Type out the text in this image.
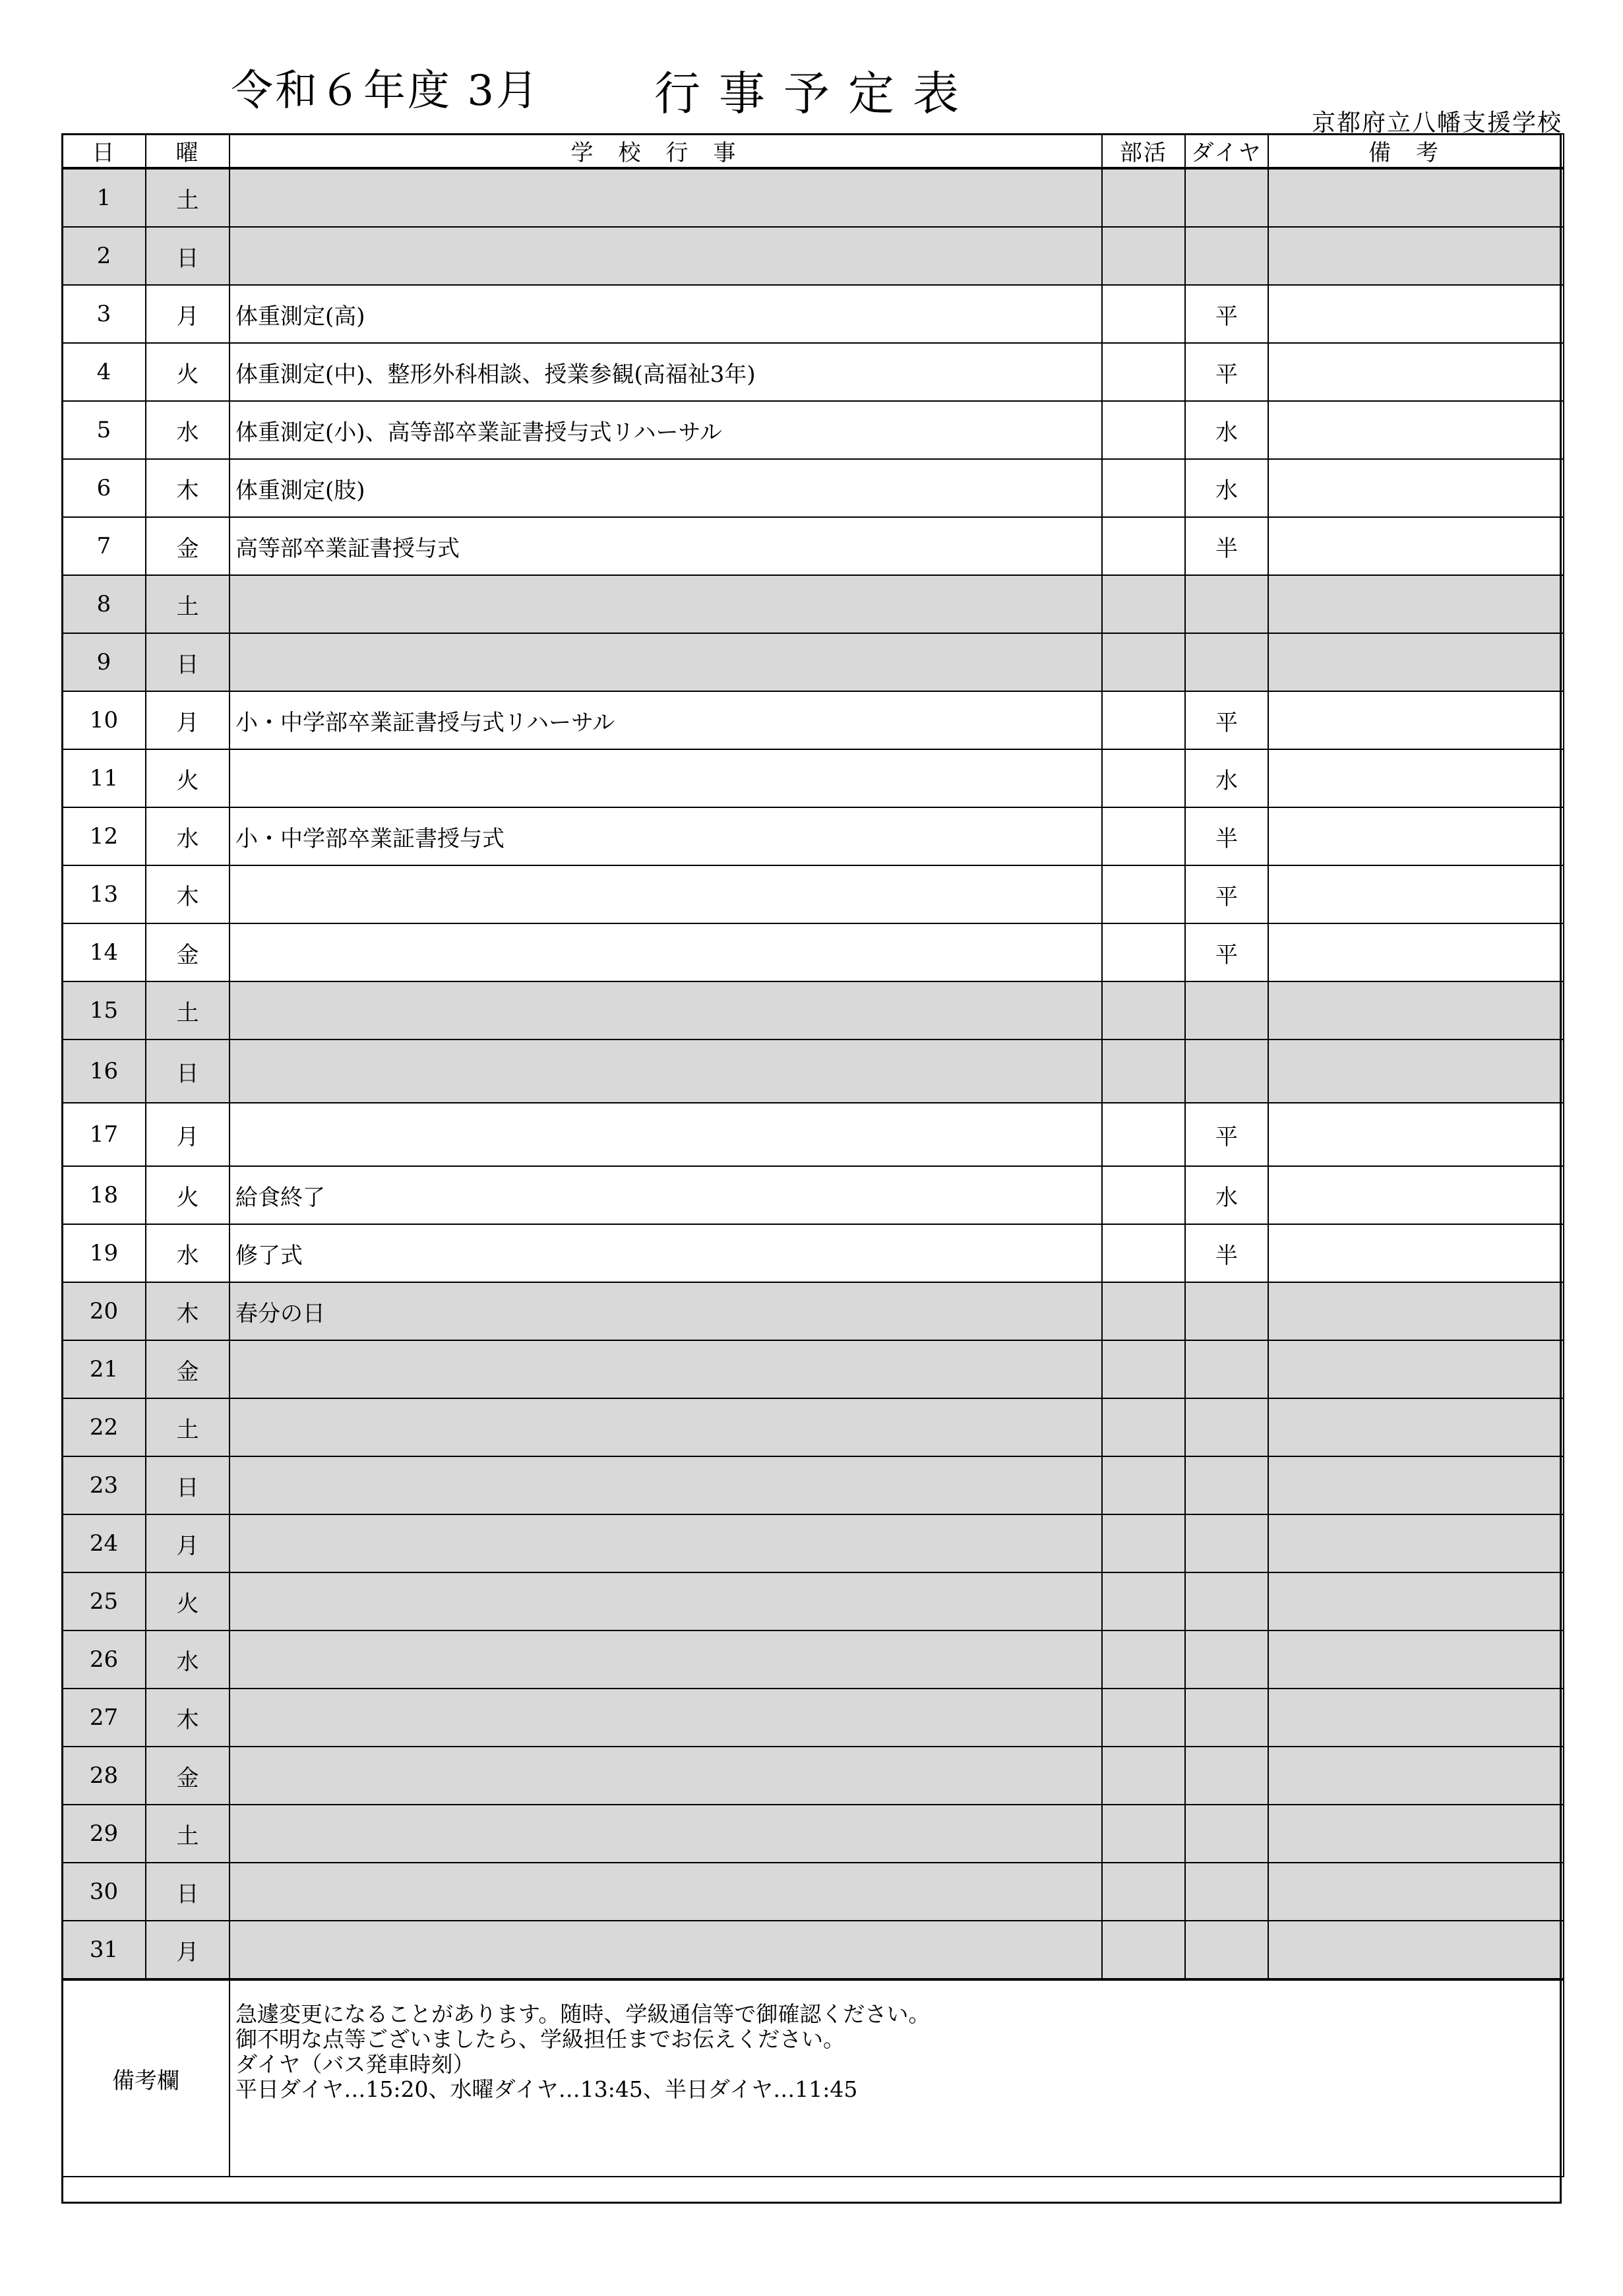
令和６年度 3月 行事予定表
京都府立八幡支援学校
日	曜	学校行事	部活	ダイヤ	備考
1	土				
2	日				
3	月	体重測定(高)		平	
4	火	体重測定(中)、整形外科相談、授業参観(高福祉3年)		平	
5	水	体重測定(小)、高等部卒業証書授与式リハーサル		水	
6	木	体重測定(肢)		水	
7	金	高等部卒業証書授与式		半	
8	土				
9	日				
10	月	小・中学部卒業証書授与式リハーサル		平	
11	火			水	
12	水	小・中学部卒業証書授与式		半	
13	木			平	
14	金			平	
15	土				
16	日				
17	月			平	
18	火	給食終了		水	
19	水	修了式		半	
20	木	春分の日			
21	金				
22	土				
23	日				
24	月				
25	火				
26	水				
27	木				
28	金				
29	土				
30	日				
31	月				
備考欄		急遽変更になることがあります。随時、学級通信等で御確認ください。
御不明な点等ございましたら、学級担任までお伝えください。
ダイヤ（バス発車時刻）
平日ダイヤ…15:20、水曜ダイヤ…13:45、半日ダイヤ…11:45			
